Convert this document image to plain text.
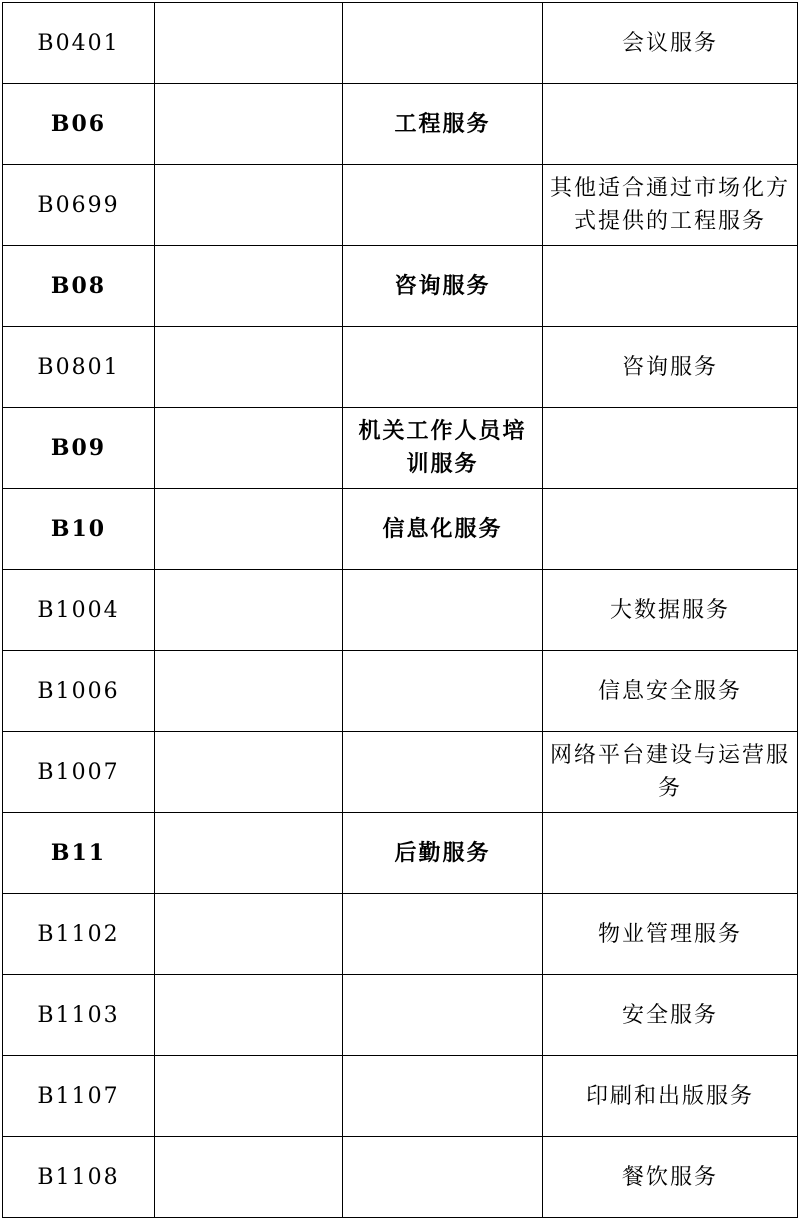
B0401			会议服务
B06		工程服务	
B0699			其他适合通过市场化方式提供的工程服务
B08		咨询服务	
B0801			咨询服务
B09		机关工作人员培训服务	
B10		信息化服务	
B1004			大数据服务
B1006			信息安全服务
B1007			网络平台建设与运营服务
B11		后勤服务	
B1102			物业管理服务
B1103			安全服务
B1107			印刷和出版服务
B1108			餐饮服务
